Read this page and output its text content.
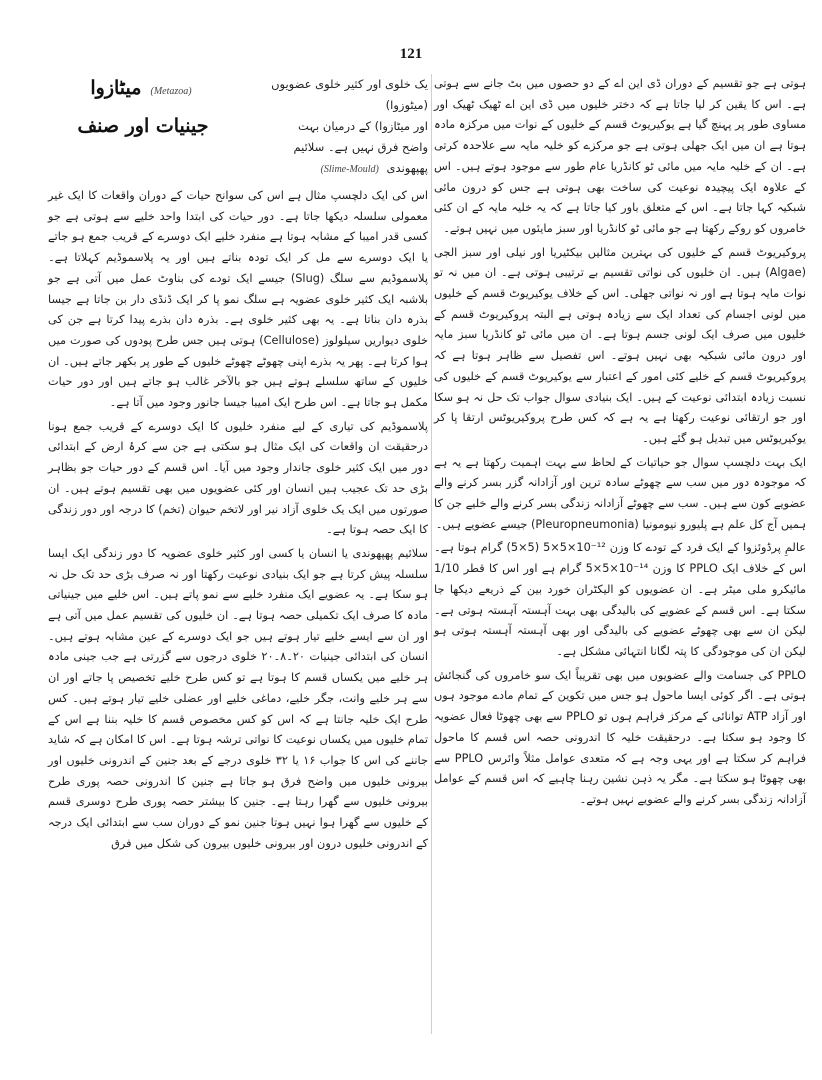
121

ہوتی ہے جو تقسیم کے دوران ڈی این اے کے دو حصوں میں بٹ جانے سے ہوتی ہے۔ اس کا یقین کر لیا جاتا ہے کہ دختر خلیوں میں ڈی این اے ٹھیک ٹھیک اور مساوی طور پر پہنچ گیا ہے یوکیریوٹ قسم کے خلیوں کے نوات میں مرکزہ مادہ ہوتا ہے ان میں ایک جھلی ہوتی ہے جو مرکزے کو خلیہ مایہ سے علاحدہ کرتی ہے۔ ان کے خلیہ مایہ میں مائی ٹو کانڈریا عام طور سے موجود ہوتے ہیں۔ اس کے علاوہ ایک پیچیدہ نوعیت کی ساخت بھی ہوتی ہے جس کو درون مائی شبکیہ کہا جاتا ہے۔ اس کے متعلق باور کیا جاتا ہے کہ یہ خلیہ مایہ کے ان کئی خامروں کو روکے رکھتا ہے جو مائی ٹو کانڈریا اور سبز مایئوں میں نہیں ہوتے۔

پروکیریوٹ قسم کے خلیوں کی بہترین مثالیں بیکٹیریا اور نیلی اور سبز الجی (Algae) ہیں۔ ان خلیوں کی نواتی تقسیم بے ترتیبی ہوتی ہے۔ ان میں نہ تو نوات مایہ ہوتا ہے اور نہ نواتی جھلی۔ اس کے خلاف یوکیریوٹ قسم کے خلیوں میں لونی اجسام کی تعداد ایک سے زیادہ ہوتی ہے البتہ پروکیریوٹ قسم کے خلیوں میں صرف ایک لونی جسم ہوتا ہے۔ ان میں مائی ٹو کانڈریا سبز مایہ اور درون مائی شبکیہ بھی نہیں ہوتے۔ اس تفصیل سے ظاہر ہوتا ہے کہ پروکیریوٹ قسم کے خلیے کئی امور کے اعتبار سے یوکیریوٹ قسم کے خلیوں کی نسبت زیادہ ابتدائی نوعیت کے ہیں۔ ایک بنیادی سوال جواب تک حل نہ ہو سکا اور جو ارتقائی نوعیت رکھتا ہے یہ ہے کہ کس طرح پروکیریوٹس ارتقا پا کر یوکیریوٹس میں تبدیل ہو گئے ہیں۔

ایک بہت دلچسپ سوال جو حیاتیات کے لحاظ سے بہت اہمیت رکھتا ہے یہ ہے کہ موجودہ دور میں سب سے چھوٹے سادہ ترین اور آزادانہ گزر بسر کرنے والے عضویے کون سے ہیں۔ سب سے چھوٹے آزادانہ زندگی بسر کرنے والے خلیے جن کا ہمیں آج کل علم ہے پلیورو نیومونیا (Pleuropneumonia) جیسے عضویے ہیں۔

عالمِ پرڈوئزوا کے ایک فرد کے تودے کا وزن ¹²⁻10×5×5 (5×5) گرام ہوتا ہے۔ اس کے خلاف ایک PPLO کا وزن ¹⁴⁻10×5×5 گرام ہے اور اس کا قطر 1/10 مائیکرو ملی میٹر ہے۔ ان عضویوں کو الیکٹران خورد بین کے ذریعے دیکھا جا سکتا ہے۔ اس قسم کے عضویے کی بالیدگی بھی بہت آہستہ آہستہ ہوتی ہے۔ لیکن ان سے بھی چھوٹے عضویے کی بالیدگی اور بھی آہستہ آہستہ ہوتی ہو لیکن ان کی موجودگی کا پتہ لگانا انتہائی مشکل ہے۔

PPLO کی جسامت والے عضویوں میں بھی تقریباً ایک سو خامروں کی گنجائش ہوتی ہے۔ اگر کوئی ایسا ماحول ہو جس میں تکوین کے تمام مادے موجود ہوں اور آزاد ATP توانائی کے مرکز فراہم ہوں تو PPLO سے بھی چھوٹا فعال عضویہ کا وجود ہو سکتا ہے۔ درحقیقت خلیہ کا اندرونی حصہ اس قسم کا ماحول فراہم کر سکتا ہے اور یہی وجہ ہے کہ متعدی عوامل مثلاً وائرس PPLO سے بھی چھوٹا ہو سکتا ہے۔ مگر یہ ذہن نشین رہنا چاہیے کہ اس قسم کے عوامل آزادانہ زندگی بسر کرنے والے عضویے نہیں ہوتے۔

(Metazoa) میٹازوا
جینیات اور صنف
یک خلوی اور کثیر خلوی عضویوں (میٹوزوا)
اور میٹازوا) کے درمیان بہت
واضح فرق نہیں ہے۔ سلائیم
پھپھوندی (Slime-Mould)

اس کی ایک دلچسپ مثال ہے اس کی سوانح حیات کے دوران واقعات کا ایک غیر معمولی سلسلہ دیکھا جاتا ہے۔ دور حیات کی ابتدا واحد خلیے سے ہوتی ہے جو کسی قدر امیبا کے مشابہ ہوتا ہے منفرد خلیے ایک دوسرے کے قریب جمع ہو جاتے یا ایک دوسرے سے مل کر ایک تودہ بناتے ہیں اور یہ پلاسموڈیم کہلاتا ہے۔ پلاسموڈیم سے سلگ (Slug) جیسے ایک تودے کی بناوٹ عمل میں آتی ہے جو بلاشبہ ایک کثیر خلوی عضویہ ہے سلگ نمو پا کر ایک ڈنڈی دار بن جاتا ہے جیسا بذرہ دان بناتا ہے۔ یہ بھی کثیر خلوی ہے۔ بذرہ دان بذرے پیدا کرتا ہے جن کی خلوی دیواریں سیلولوز (Cellulose) ہوتی ہیں جس طرح پودوں کی صورت میں ہوا کرتا ہے۔ پھر یہ بذرے اپنی چھوٹے چھوٹے خلیوں کے طور پر بکھر جاتے ہیں۔ ان خلیوں کے ساتھ سلسلے ہوتے ہیں جو بالآخر غالب ہو جاتے ہیں اور دور حیات مکمل ہو جاتا ہے۔ اس طرح ایک امیبا جیسا جانور وجود میں آتا ہے۔

پلاسموڈیم کی تیاری کے لیے منفرد خلیوں کا ایک دوسرے کے قریب جمع ہونا درحقیقت ان واقعات کی ایک مثال ہو سکتی ہے جن سے کرۂ ارض کے ابتدائی دور میں ایک کثیر خلوی جاندار وجود میں آیا۔ اس قسم کے دور حیات جو بظاہر بڑی حد تک عجیب ہیں انسان اور کئی عضویوں میں بھی تقسیم ہوتے ہیں۔ ان صورتوں میں ایک یک خلوی آزاد نیر اور لاتخم حیوان (تخم) کا درجہ اور دور زندگی کا ایک حصہ ہوتا ہے۔

سلائیم پھپھوندی یا انسان یا کسی اور کثیر خلوی عضویہ کا دور زندگی ایک ایسا سلسلہ پیش کرتا ہے جو ایک بنیادی نوعیت رکھتا اور نہ صرف بڑی حد تک حل نہ ہو سکا ہے۔ یہ عضویے ایک منفرد خلیے سے نمو پاتے ہیں۔ اس خلیے میں جینیاتی مادہ کا صرف ایک تکمیلی حصہ ہوتا ہے۔ ان خلیوں کی تقسیم عمل میں آتی ہے اور ان سے ایسے خلیے تیار ہوتے ہیں جو ایک دوسرے کے عین مشابہ ہوتے ہیں۔ انسان کی ابتدائی جینیات ۲۰۔۸۔۲۰ خلوی درجوں سے گزرتی ہے جب جینی مادہ ہر خلیے میں یکساں قسم کا ہوتا ہے تو کس طرح خلیے تخصیص پا جاتے اور ان سے ہر خلیے وانت، جگر خلیے، دماغی خلیے اور عضلی خلیے تیار ہوتے ہیں۔ کس طرح ایک خلیہ جانتا ہے کہ اس کو کس مخصوص قسم کا خلیہ بننا ہے اس کے تمام خلیوں میں یکساں نوعیت کا نواتی ترشہ ہوتا ہے۔ اس کا امکان ہے کہ شاید جاننے کی اس کا جواب ۱۶ یا ۳۲ خلوی درجے کے بعد جنین کے اندرونی خلیوں اور بیرونی خلیوں میں واضح فرق ہو جاتا ہے جنین کا اندرونی حصہ پوری طرح بیرونی خلیوں سے گھرا رہتا ہے۔ جنین کا بیشتر حصہ پوری طرح دوسری قسم کے خلیوں سے گھرا ہوا نہیں ہوتا جنین نمو کے دوران سب سے ابتدائی ایک درجہ کے اندرونی خلیوں درون اور بیرونی خلیوں بیرون کی شکل میں فرق
